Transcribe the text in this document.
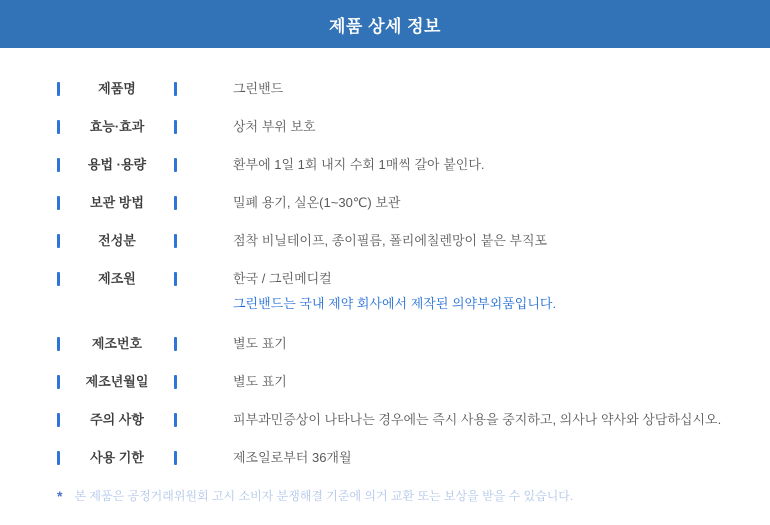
제품 상세 정보
제품명	그린밴드
효능·효과	상처 부위 보호
용법 ·용량	환부에 1일 1회 내지 수회 1매씩 갈아 붙인다.
보관 방법	밀폐 용기, 실온(1~30℃) 보관
전성분	점착 비닐테이프, 종이필름, 폴리에칠렌망이 붙은 부직포
제조원	한국 / 그린메디컬
그린밴드는 국내 제약 회사에서 제작된 의약부외품입니다.
제조번호	별도 표기
제조년월일	별도 표기
주의 사항	피부과민증상이 나타나는 경우에는 즉시 사용을 중지하고, 의사나 약사와 상담하십시오.
사용 기한	제조일로부터 36개월
* 본 제품은 공정거래위원회 고시 소비자 분쟁해결 기준에 의거 교환 또는 보상을 받을 수 있습니다.
